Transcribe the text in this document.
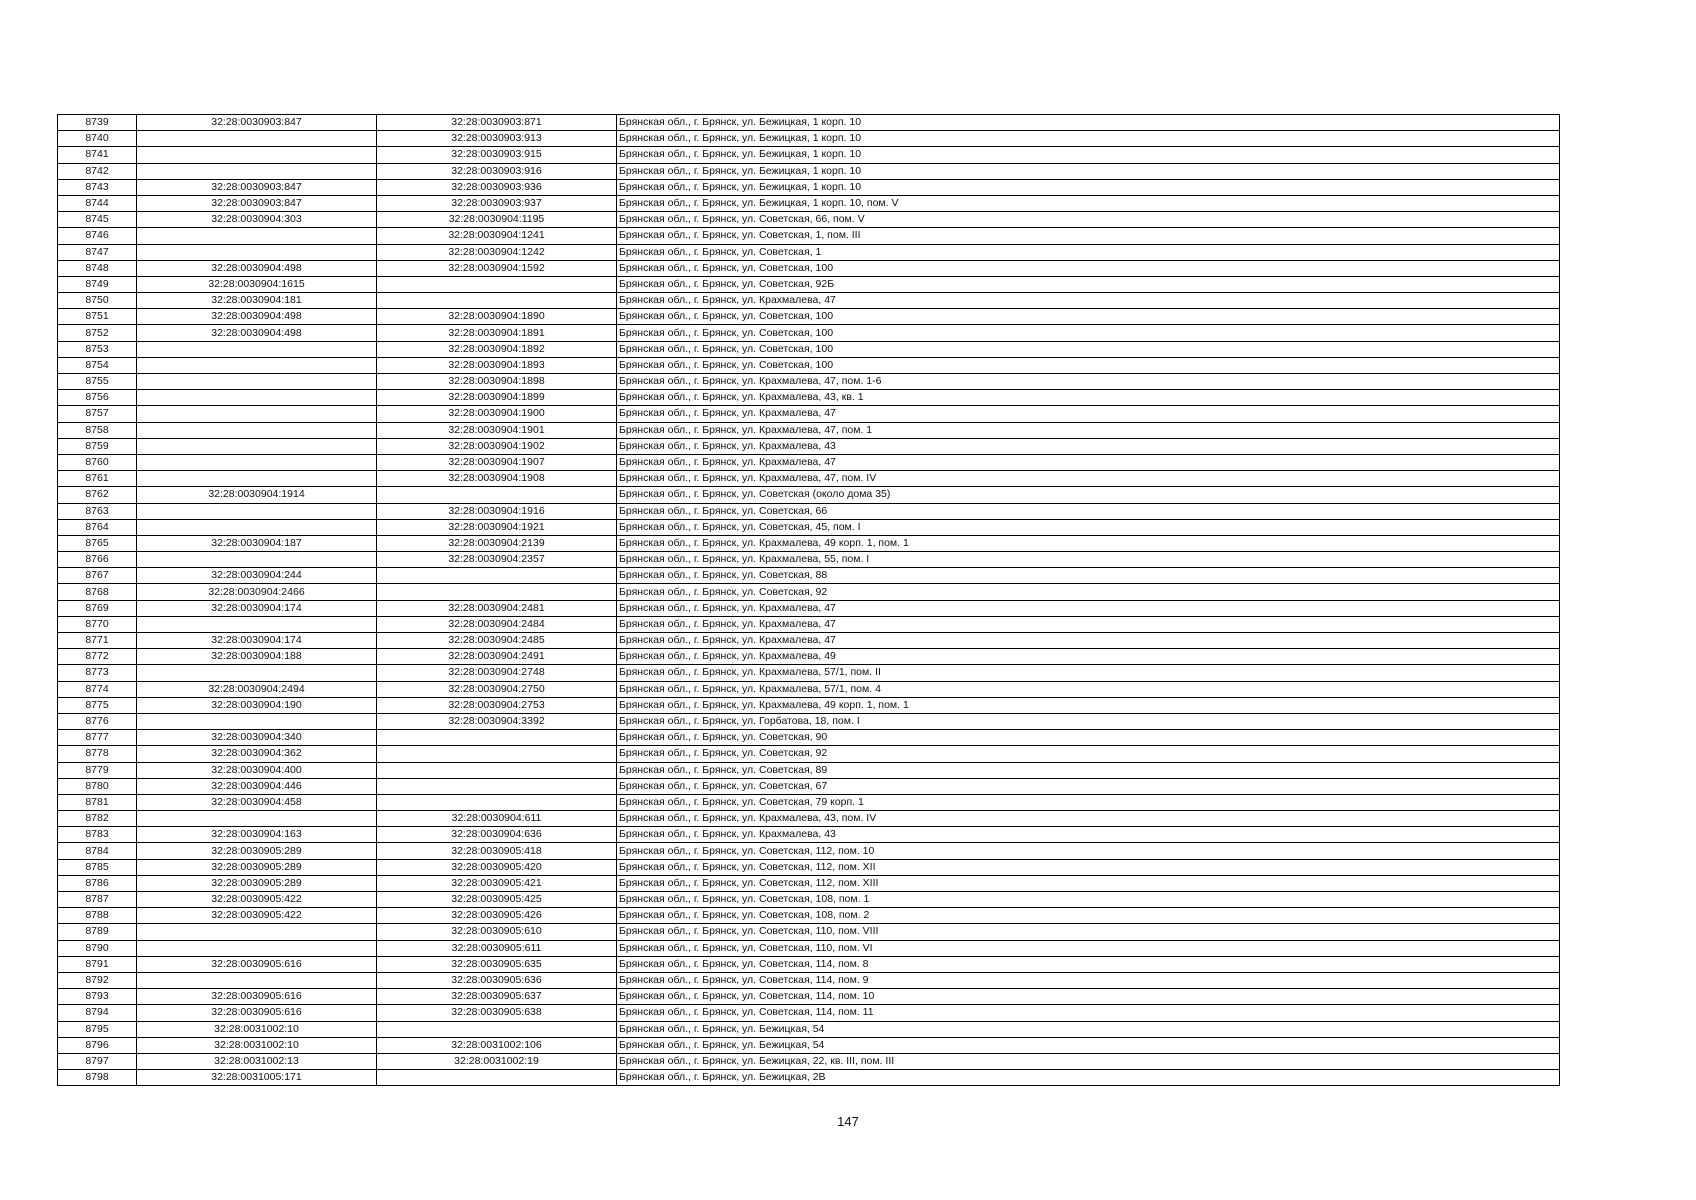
8739	32:28:0030903:847	32:28:0030903:871	Брянская обл., г. Брянск, ул. Бежицкая, 1 корп. 10
8740		32:28:0030903:913	Брянская обл., г. Брянск, ул. Бежицкая, 1 корп. 10
8741		32:28:0030903:915	Брянская обл., г. Брянск, ул. Бежицкая, 1 корп. 10
8742		32:28:0030903:916	Брянская обл., г. Брянск, ул. Бежицкая, 1 корп. 10
8743	32:28:0030903:847	32:28:0030903:936	Брянская обл., г. Брянск, ул. Бежицкая, 1 корп. 10
8744	32:28:0030903:847	32:28:0030903:937	Брянская обл., г. Брянск, ул. Бежицкая, 1 корп. 10, пом. V
8745	32:28:0030904:303	32:28:0030904:1195	Брянская обл., г. Брянск, ул. Советская, 66, пом. V
8746		32:28:0030904:1241	Брянская обл., г. Брянск, ул. Советская, 1, пом. III
8747		32:28:0030904:1242	Брянская обл., г. Брянск, ул. Советская, 1
8748	32:28:0030904:498	32:28:0030904:1592	Брянская обл., г. Брянск, ул. Советская, 100
8749	32:28:0030904:1615		Брянская обл., г. Брянск, ул. Советская, 92Б
8750	32:28:0030904:181		Брянская обл., г. Брянск, ул. Крахмалева, 47
8751	32:28:0030904:498	32:28:0030904:1890	Брянская обл., г. Брянск, ул. Советская, 100
8752	32:28:0030904:498	32:28:0030904:1891	Брянская обл., г. Брянск, ул. Советская, 100
8753		32:28:0030904:1892	Брянская обл., г. Брянск, ул. Советская, 100
8754		32:28:0030904:1893	Брянская обл., г. Брянск, ул. Советская, 100
8755		32:28:0030904:1898	Брянская обл., г. Брянск, ул. Крахмалева, 47, пом. 1-6
8756		32:28:0030904:1899	Брянская обл., г. Брянск, ул. Крахмалева, 43, кв. 1
8757		32:28:0030904:1900	Брянская обл., г. Брянск, ул. Крахмалева, 47
8758		32:28:0030904:1901	Брянская обл., г. Брянск, ул. Крахмалева, 47, пом. 1
8759		32:28:0030904:1902	Брянская обл., г. Брянск, ул. Крахмалева, 43
8760		32:28:0030904:1907	Брянская обл., г. Брянск, ул. Крахмалева, 47
8761		32:28:0030904:1908	Брянская обл., г. Брянск, ул. Крахмалева, 47, пом. IV
8762	32:28:0030904:1914		Брянская обл., г. Брянск, ул. Советская (около дома 35)
8763		32:28:0030904:1916	Брянская обл., г. Брянск, ул. Советская, 66
8764		32:28:0030904:1921	Брянская обл., г. Брянск, ул. Советская, 45, пом. I
8765	32:28:0030904:187	32:28:0030904:2139	Брянская обл., г. Брянск, ул. Крахмалева, 49 корп. 1, пом. 1
8766		32:28:0030904:2357	Брянская обл., г. Брянск, ул. Крахмалева, 55, пом. I
8767	32:28:0030904:244		Брянская обл., г. Брянск, ул. Советская, 88
8768	32:28:0030904:2466		Брянская обл., г. Брянск, ул. Советская, 92
8769	32:28:0030904:174	32:28:0030904:2481	Брянская обл., г. Брянск, ул. Крахмалева, 47
8770		32:28:0030904:2484	Брянская обл., г. Брянск, ул. Крахмалева, 47
8771	32:28:0030904:174	32:28:0030904:2485	Брянская обл., г. Брянск, ул. Крахмалева, 47
8772	32:28:0030904:188	32:28:0030904:2491	Брянская обл., г. Брянск, ул. Крахмалева, 49
8773		32:28:0030904:2748	Брянская обл., г. Брянск, ул. Крахмалева, 57/1, пом. II
8774	32:28:0030904:2494	32:28:0030904:2750	Брянская обл., г. Брянск, ул. Крахмалева, 57/1, пом. 4
8775	32:28:0030904:190	32:28:0030904:2753	Брянская обл., г. Брянск, ул. Крахмалева, 49 корп. 1, пом. 1
8776		32:28:0030904:3392	Брянская обл., г. Брянск, ул. Горбатова, 18, пом. I
8777	32:28:0030904:340		Брянская обл., г. Брянск, ул. Советская, 90
8778	32:28:0030904:362		Брянская обл., г. Брянск, ул. Советская, 92
8779	32:28:0030904:400		Брянская обл., г. Брянск, ул. Советская, 89
8780	32:28:0030904:446		Брянская обл., г. Брянск, ул. Советская, 67
8781	32:28:0030904:458		Брянская обл., г. Брянск, ул. Советская, 79 корп. 1
8782		32:28:0030904:611	Брянская обл., г. Брянск, ул. Крахмалева, 43, пом. IV
8783	32:28:0030904:163	32:28:0030904:636	Брянская обл., г. Брянск, ул. Крахмалева, 43
8784	32:28:0030905:289	32:28:0030905:418	Брянская обл., г. Брянск, ул. Советская, 112, пом. 10
8785	32:28:0030905:289	32:28:0030905:420	Брянская обл., г. Брянск, ул. Советская, 112, пом. XII
8786	32:28:0030905:289	32:28:0030905:421	Брянская обл., г. Брянск, ул. Советская, 112, пом. XIII
8787	32:28:0030905:422	32:28:0030905:425	Брянская обл., г. Брянск, ул. Советская, 108, пом. 1
8788	32:28:0030905:422	32:28:0030905:426	Брянская обл., г. Брянск, ул. Советская, 108, пом. 2
8789		32:28:0030905:610	Брянская обл., г. Брянск, ул. Советская, 110, пом. VIII
8790		32:28:0030905:611	Брянская обл., г. Брянск, ул. Советская, 110, пом. VI
8791	32:28:0030905:616	32:28:0030905:635	Брянская обл., г. Брянск, ул. Советская, 114, пом. 8
8792		32:28:0030905:636	Брянская обл., г. Брянск, ул. Советская, 114, пом. 9
8793	32:28:0030905:616	32:28:0030905:637	Брянская обл., г. Брянск, ул. Советская, 114, пом. 10
8794	32:28:0030905:616	32:28:0030905:638	Брянская обл., г. Брянск, ул. Советская, 114, пом. 11
8795	32:28:0031002:10		Брянская обл., г. Брянск, ул. Бежицкая, 54
8796	32:28:0031002:10	32:28:0031002:106	Брянская обл., г. Брянск, ул. Бежицкая, 54
8797	32:28:0031002:13	32:28:0031002:19	Брянская обл., г. Брянск, ул. Бежицкая, 22, кв. III, пом. III
8798	32:28:0031005:171		Брянская обл., г. Брянск, ул. Бежицкая, 2В
147
